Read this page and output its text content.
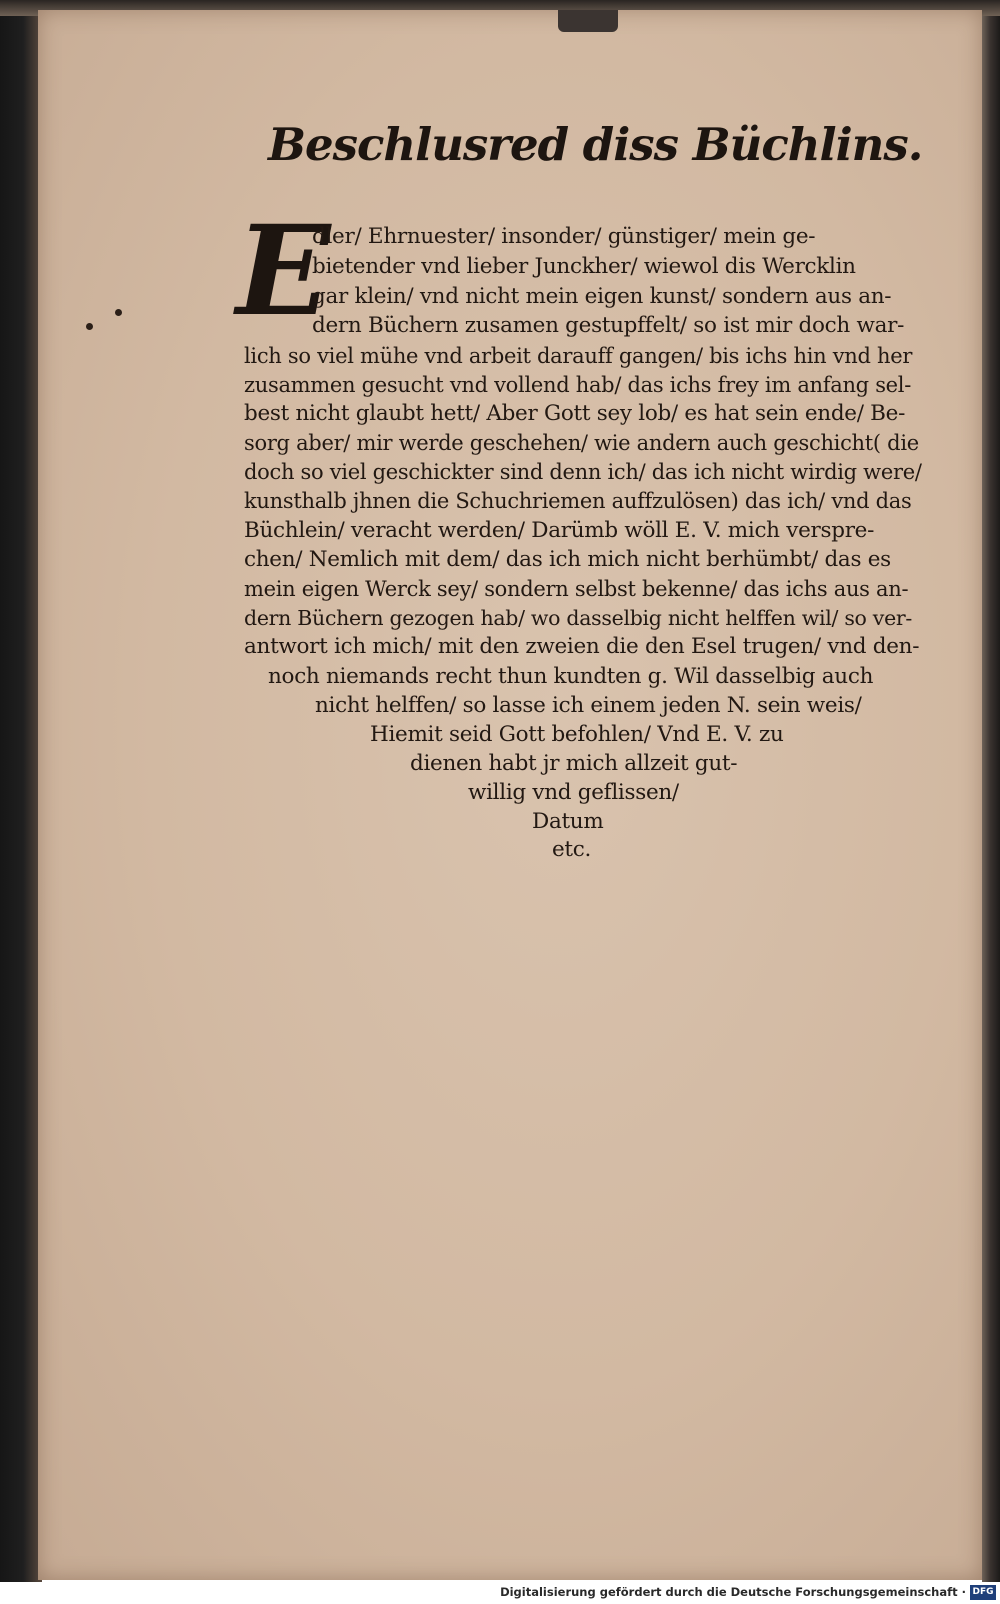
Beschlusred diss Büchlins.
E
dler/ Ehrnuester/ insonder/ günstiger/ mein ge-
bietender vnd lieber Junckher/ wiewol dis Wercklin
gar klein/ vnd nicht mein eigen kunst/ sondern aus an-
dern Büchern zusamen gestupffelt/ so ist mir doch war-
lich so viel mühe vnd arbeit darauff gangen/ bis ichs hin vnd her
zusammen gesucht vnd vollend hab/ das ichs frey im anfang sel-
best nicht glaubt hett/ Aber Gott sey lob/ es hat sein ende/ Be-
sorg aber/ mir werde geschehen/ wie andern auch geschicht( die
doch so viel geschickter sind denn ich/ das ich nicht wirdig were/
kunsthalb jhnen die Schuchriemen auffzulösen) das ich/ vnd das
Büchlein/ veracht werden/ Darümb wöll E. V. mich verspre-
chen/ Nemlich mit dem/ das ich mich nicht berhümbt/ das es
mein eigen Werck sey/ sondern selbst bekenne/ das ichs aus an-
dern Büchern gezogen hab/ wo dasselbig nicht helffen wil/ so ver-
antwort ich mich/ mit den zweien die den Esel trugen/ vnd den-
noch niemands recht thun kundten g. Wil dasselbig auch
nicht helffen/ so lasse ich einem jeden N. sein weis/
Hiemit seid Gott befohlen/ Vnd E. V. zu
dienen habt jr mich allzeit gut-
willig vnd geflissen/
Datum
etc.
Digitalisierung gefördert durch die Deutsche Forschungsgemeinschaft · DFG
